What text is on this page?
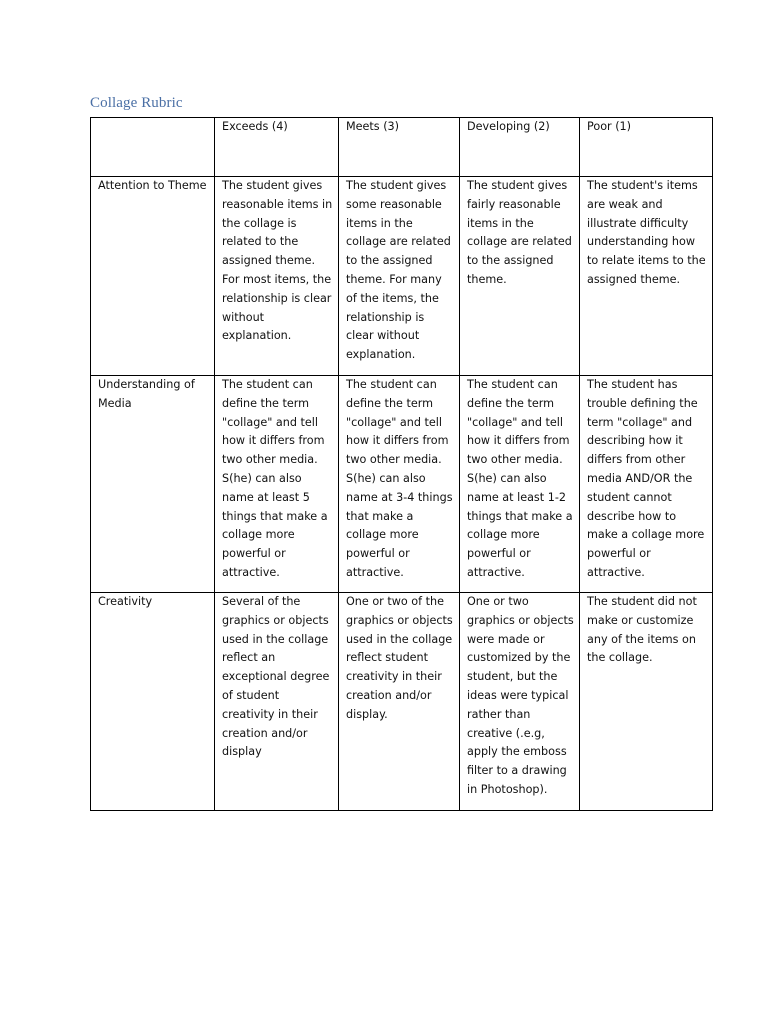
Collage Rubric

	Exceeds (4)	Meets (3)	Developing (2)	Poor (1)

Attention to Theme	The student gives reasonable items in the collage is related to the assigned theme. For most items, the relationship is clear without explanation.	The student gives some reasonable items in the collage are related to the assigned theme. For many of the items, the relationship is clear without explanation.	The student gives fairly reasonable items in the collage are related to the assigned theme.	The student's items are weak and illustrate difficulty understanding how to relate items to the assigned theme.

Understanding of Media	The student can define the term "collage" and tell how it differs from two other media. S(he) can also name at least 5 things that make a collage more powerful or attractive.	The student can define the term "collage" and tell how it differs from two other media. S(he) can also name at 3-4 things that make a collage more powerful or attractive.	The student can define the term "collage" and tell how it differs from two other media. S(he) can also name at least 1-2 things that make a collage more powerful or attractive.	The student has trouble defining the term "collage" and describing how it differs from other media AND/OR the student cannot describe how to make a collage more powerful or attractive.

Creativity	Several of the graphics or objects used in the collage reflect an exceptional degree of student creativity in their creation and/or display	One or two of the graphics or objects used in the collage reflect student creativity in their creation and/or display.	One or two graphics or objects were made or customized by the student, but the ideas were typical rather than creative (.e.g, apply the emboss filter to a drawing in Photoshop).	The student did not make or customize any of the items on the collage.
